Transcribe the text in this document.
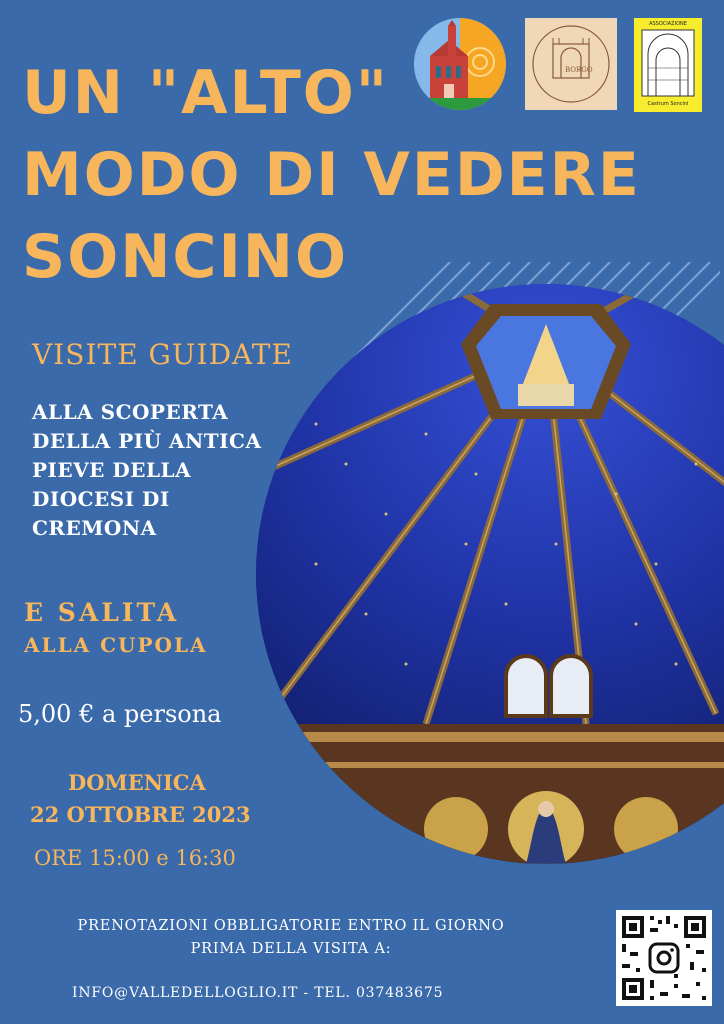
UN "ALTO"
MODO DI VEDERE
SONCINO
BORGO
ASSOCIAZIONE
Castrum Soncini
VISITE GUIDATE
ALLA SCOPERTA
DELLA PIÙ ANTICA
PIEVE DELLA
DIOCESI DI
CREMONA
E SALITA
ALLA CUPOLA
5,00 € a persona
DOMENICA
22 OTTOBRE 2023
ORE 15:00 e 16:30
PRENOTAZIONI OBBLIGATORIE ENTRO IL GIORNO
PRIMA DELLA VISITA A:
INFO@VALLEDELLOGLIO.IT - TEL. 037483675
